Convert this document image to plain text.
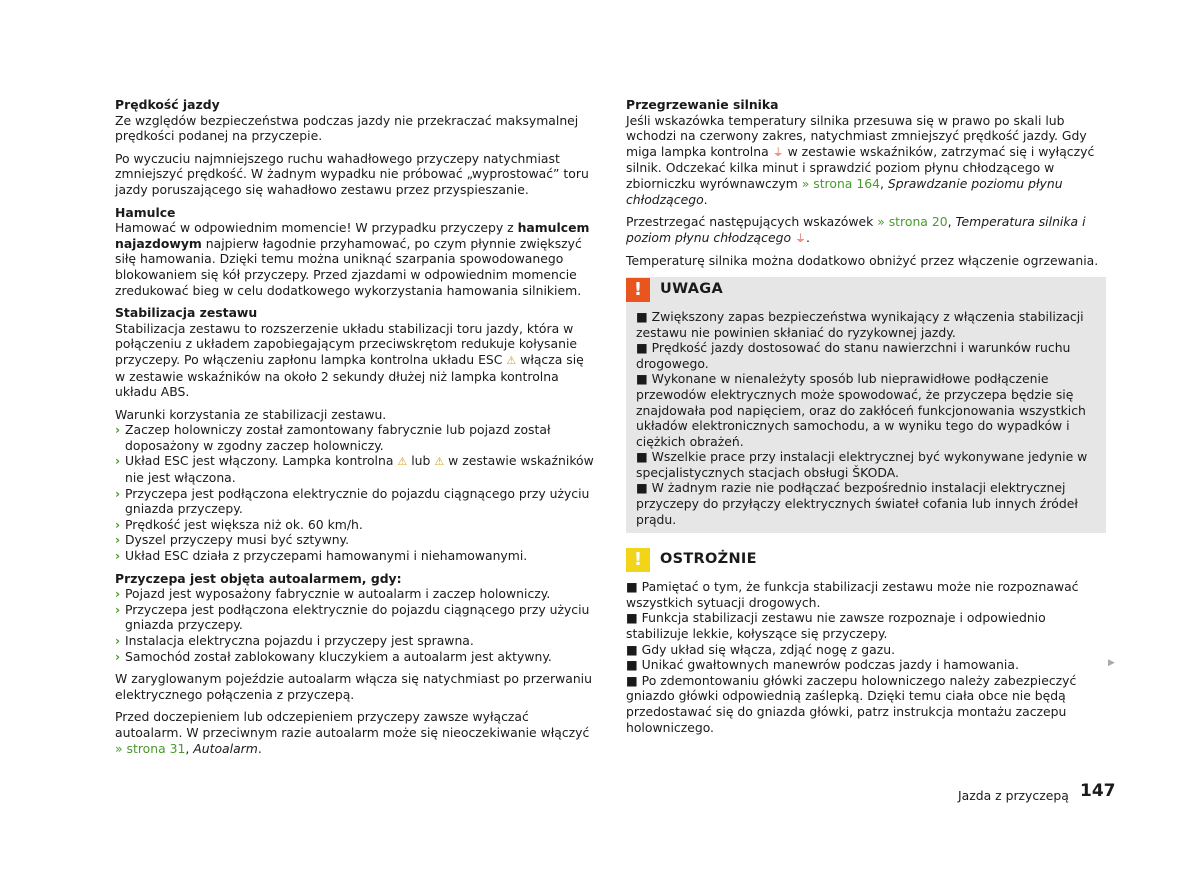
Prędkość jazdy

Ze względów bezpieczeństwa podczas jazdy nie przekraczać maksymalnej prędkości podanej na przyczepie.

Po wyczuciu najmniejszego ruchu wahadłowego przyczepy natychmiast zmniejszyć prędkość. W żadnym wypadku nie próbować „wyprostować” toru jazdy poruszającego się wahadłowo zestawu przez przyspieszanie.

Hamulce

Hamować w odpowiednim momencie! W przypadku przyczepy z hamulcem najazdowym najpierw łagodnie przyhamować, po czym płynnie zwiększyć siłę hamowania. Dzięki temu można uniknąć szarpania spowodowanego blokowaniem się kół przyczepy. Przed zjazdami w odpowiednim momencie zredukować bieg w celu dodatkowego wykorzystania hamowania silnikiem.

Stabilizacja zestawu

Stabilizacja zestawu to rozszerzenie układu stabilizacji toru jazdy, która w połączeniu z układem zapobiegającym przeciwskrętom redukuje kołysanie przyczepy. Po włączeniu zapłonu lampka kontrolna układu ESC ⚠ włącza się w zestawie wskaźników na około 2 sekundy dłużej niż lampka kontrolna układu ABS.

Warunki korzystania ze stabilizacji zestawu.

› Zaczep holowniczy został zamontowany fabrycznie lub pojazd został doposażony w zgodny zaczep holowniczy.
› Układ ESC jest włączony. Lampka kontrolna ⚠ lub ⚠ w zestawie wskaźników nie jest włączona.
› Przyczepa jest podłączona elektrycznie do pojazdu ciągnącego przy użyciu gniazda przyczepy.
› Prędkość jest większa niż ok. 60 km/h.
› Dyszel przyczepy musi być sztywny.
› Układ ESC działa z przyczepami hamowanymi i niehamowanymi.

Przyczepa jest objęta autoalarmem, gdy:

› Pojazd jest wyposażony fabrycznie w autoalarm i zaczep holowniczy.
› Przyczepa jest podłączona elektrycznie do pojazdu ciągnącego przy użyciu gniazda przyczepy.
› Instalacja elektryczna pojazdu i przyczepy jest sprawna.
› Samochód został zablokowany kluczykiem a autoalarm jest aktywny.

W zaryglowanym pojeździe autoalarm włącza się natychmiast po przerwaniu elektrycznego połączenia z przyczepą.

Przed doczepieniem lub odczepieniem przyczepy zawsze wyłączać autoalarm. W przeciwnym razie autoalarm może się nieoczekiwanie włączyć » strona 31, Autoalarm.

Przegrzewanie silnika

Jeśli wskazówka temperatury silnika przesuwa się w prawo po skali lub wchodzi na czerwony zakres, natychmiast zmniejszyć prędkość jazdy. Gdy miga lampka kontrolna ⏚ w zestawie wskaźników, zatrzymać się i wyłączyć silnik. Odczekać kilka minut i sprawdzić poziom płynu chłodzącego w zbiorniczku wyrównawczym » strona 164, Sprawdzanie poziomu płynu chłodzącego.

Przestrzegać następujących wskazówek » strona 20, Temperatura silnika i poziom płynu chłodzącego ⏚.

Temperaturę silnika można dodatkowo obniżyć przez włączenie ogrzewania.

!	UWAGA
■ Zwiększony zapas bezpieczeństwa wynikający z włączenia stabilizacji zestawu nie powinien skłaniać do ryzykownej jazdy.
■ Prędkość jazdy dostosować do stanu nawierzchni i warunków ruchu drogowego.
■ Wykonane w nienależyty sposób lub nieprawidłowe podłączenie przewodów elektrycznych może spowodować, że przyczepa będzie się znajdowała pod napięciem, oraz do zakłóceń funkcjonowania wszystkich układów elektronicznych samochodu, a w wyniku tego do wypadków i ciężkich obrażeń.
■ Wszelkie prace przy instalacji elektrycznej być wykonywane jedynie w specjalistycznych stacjach obsługi ŠKODA.
■ W żadnym razie nie podłączać bezpośrednio instalacji elektrycznej przyczepy do przyłączy elektrycznych świateł cofania lub innych źródeł prądu.
!	OSTROŻNIE
■ Pamiętać o tym, że funkcja stabilizacji zestawu może nie rozpoznawać wszystkich sytuacji drogowych.
■ Funkcja stabilizacji zestawu nie zawsze rozpoznaje i odpowiednio stabilizuje lekkie, kołyszące się przyczepy.
■ Gdy układ się włącza, zdjąć nogę z gazu.
■ Unikać gwałtownych manewrów podczas jazdy i hamowania.
■ Po zdemontowaniu główki zaczepu holowniczego należy zabezpieczyć gniazdo główki odpowiednią zaślepką. Dzięki temu ciała obce nie będą przedostawać się do gniazda główki, patrz instrukcja montażu zaczepu holowniczego.
▶
Jazda z przyczepą 147
